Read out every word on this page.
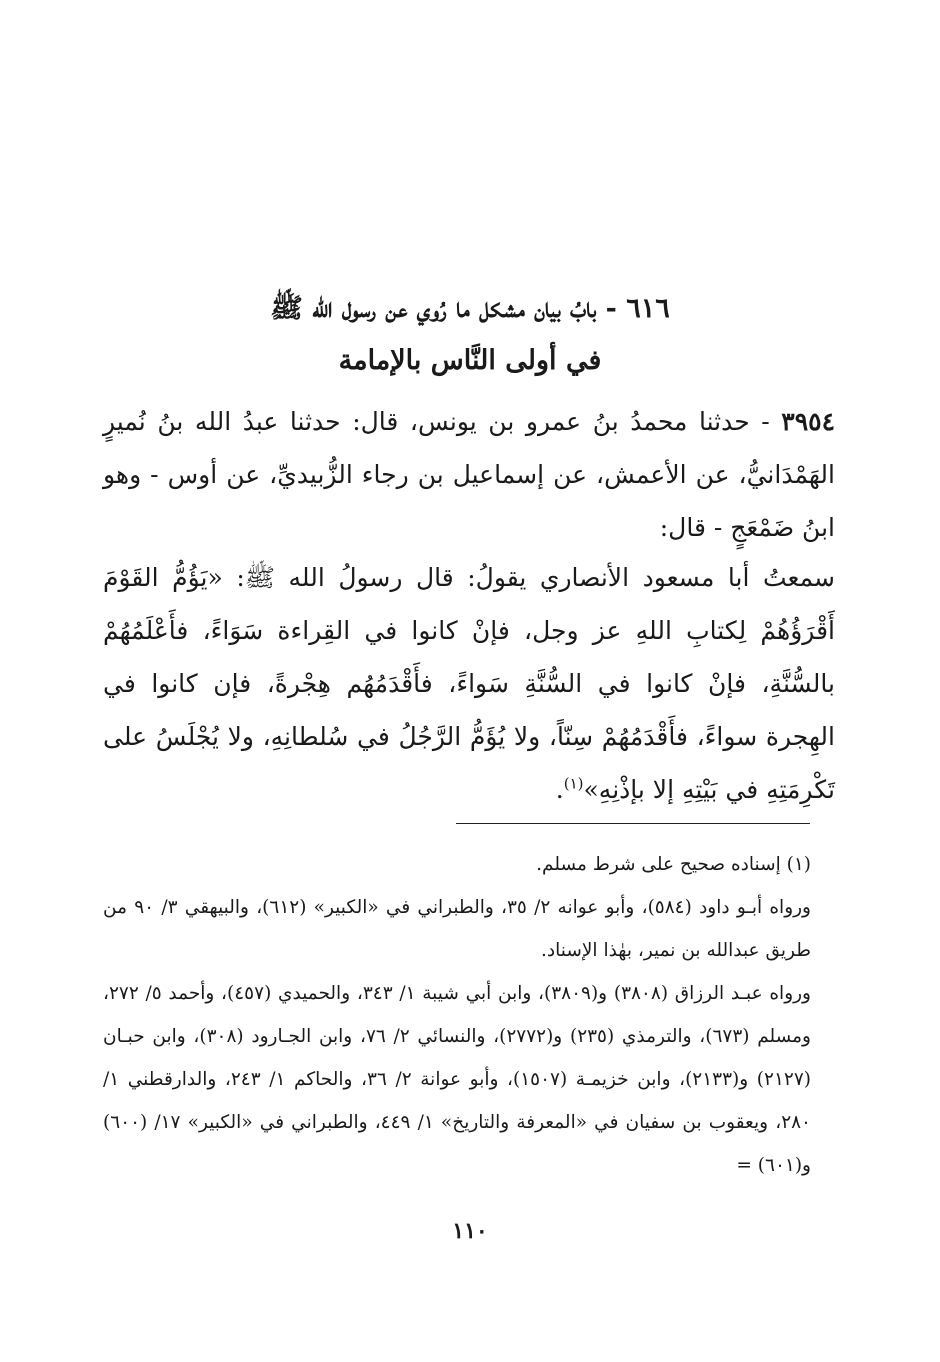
٦١٦ - بابُ بيان مشكل ما رُوي عن رسول الله ﷺ
في أولى النَّاس بالإمامة
٣٩٥٤ - حدثنا محمدُ بنُ عمرو بن يونس، قال: حدثنا عبدُ الله بنُ نُميرٍ الهَمْدَانيُّ، عن الأعمش، عن إسماعيل بن رجاء الزُّبيديِّ، عن أوس - وهو ابنُ ضَمْعَجٍ - قال:
سمعتُ أبا مسعود الأنصاري يقولُ: قال رسولُ الله ﷺ: «يَؤُمُّ القَوْمَ أَقْرَؤُهُمْ لِكتابِ اللهِ عز وجل، فإنْ كانوا في القِراءة سَوَاءً، فأَعْلَمُهُمْ بالسُّنَّةِ، فإنْ كانوا في السُّنَّةِ سَواءً، فأَقْدَمُهُم هِجْرةً، فإن كانوا في الهِجرة سواءً، فأَقْدَمُهُمْ سِنّاً، ولا يُؤَمُّ الرَّجُلُ في سُلطانِهِ، ولا يُجْلَسُ على تَكْرِمَتِهِ في بَيْتِهِ إلا بإذْنِهِ»$^{(١)}$.
(١) إسناده صحيح على شرط مسلم.
ورواه أبـو داود (٥٨٤)، وأبو عوانه ٢/ ٣٥، والطبراني في «الكبير» (٦١٢)، والبيهقي ٣/ ٩٠ من طريق عبدالله بن نمير، بهٰذا الإسناد.
ورواه عبـد الرزاق (٣٨٠٨) و(٣٨٠٩)، وابن أبي شيبة ١/ ٣٤٣، والحميدي (٤٥٧)، وأحمد ٥/ ٢٧٢، ومسلم (٦٧٣)، والترمذي (٢٣٥) و(٢٧٧٢)، والنسائي ٢/ ٧٦، وابن الجـارود (٣٠٨)، وابن حبـان (٢١٢٧) و(٢١٣٣)، وابن خزيمـة (١٥٠٧)، وأبو عوانة ٢/ ٣٦، والحاكم ١/ ٢٤٣، والدارقطني ١/ ٢٨٠، ويعقوب بن سفيان في «المعرفة والتاريخ» ١/ ٤٤٩، والطبراني في «الكبير» ١٧/ (٦٠٠) و(٦٠١) =
١١٠
